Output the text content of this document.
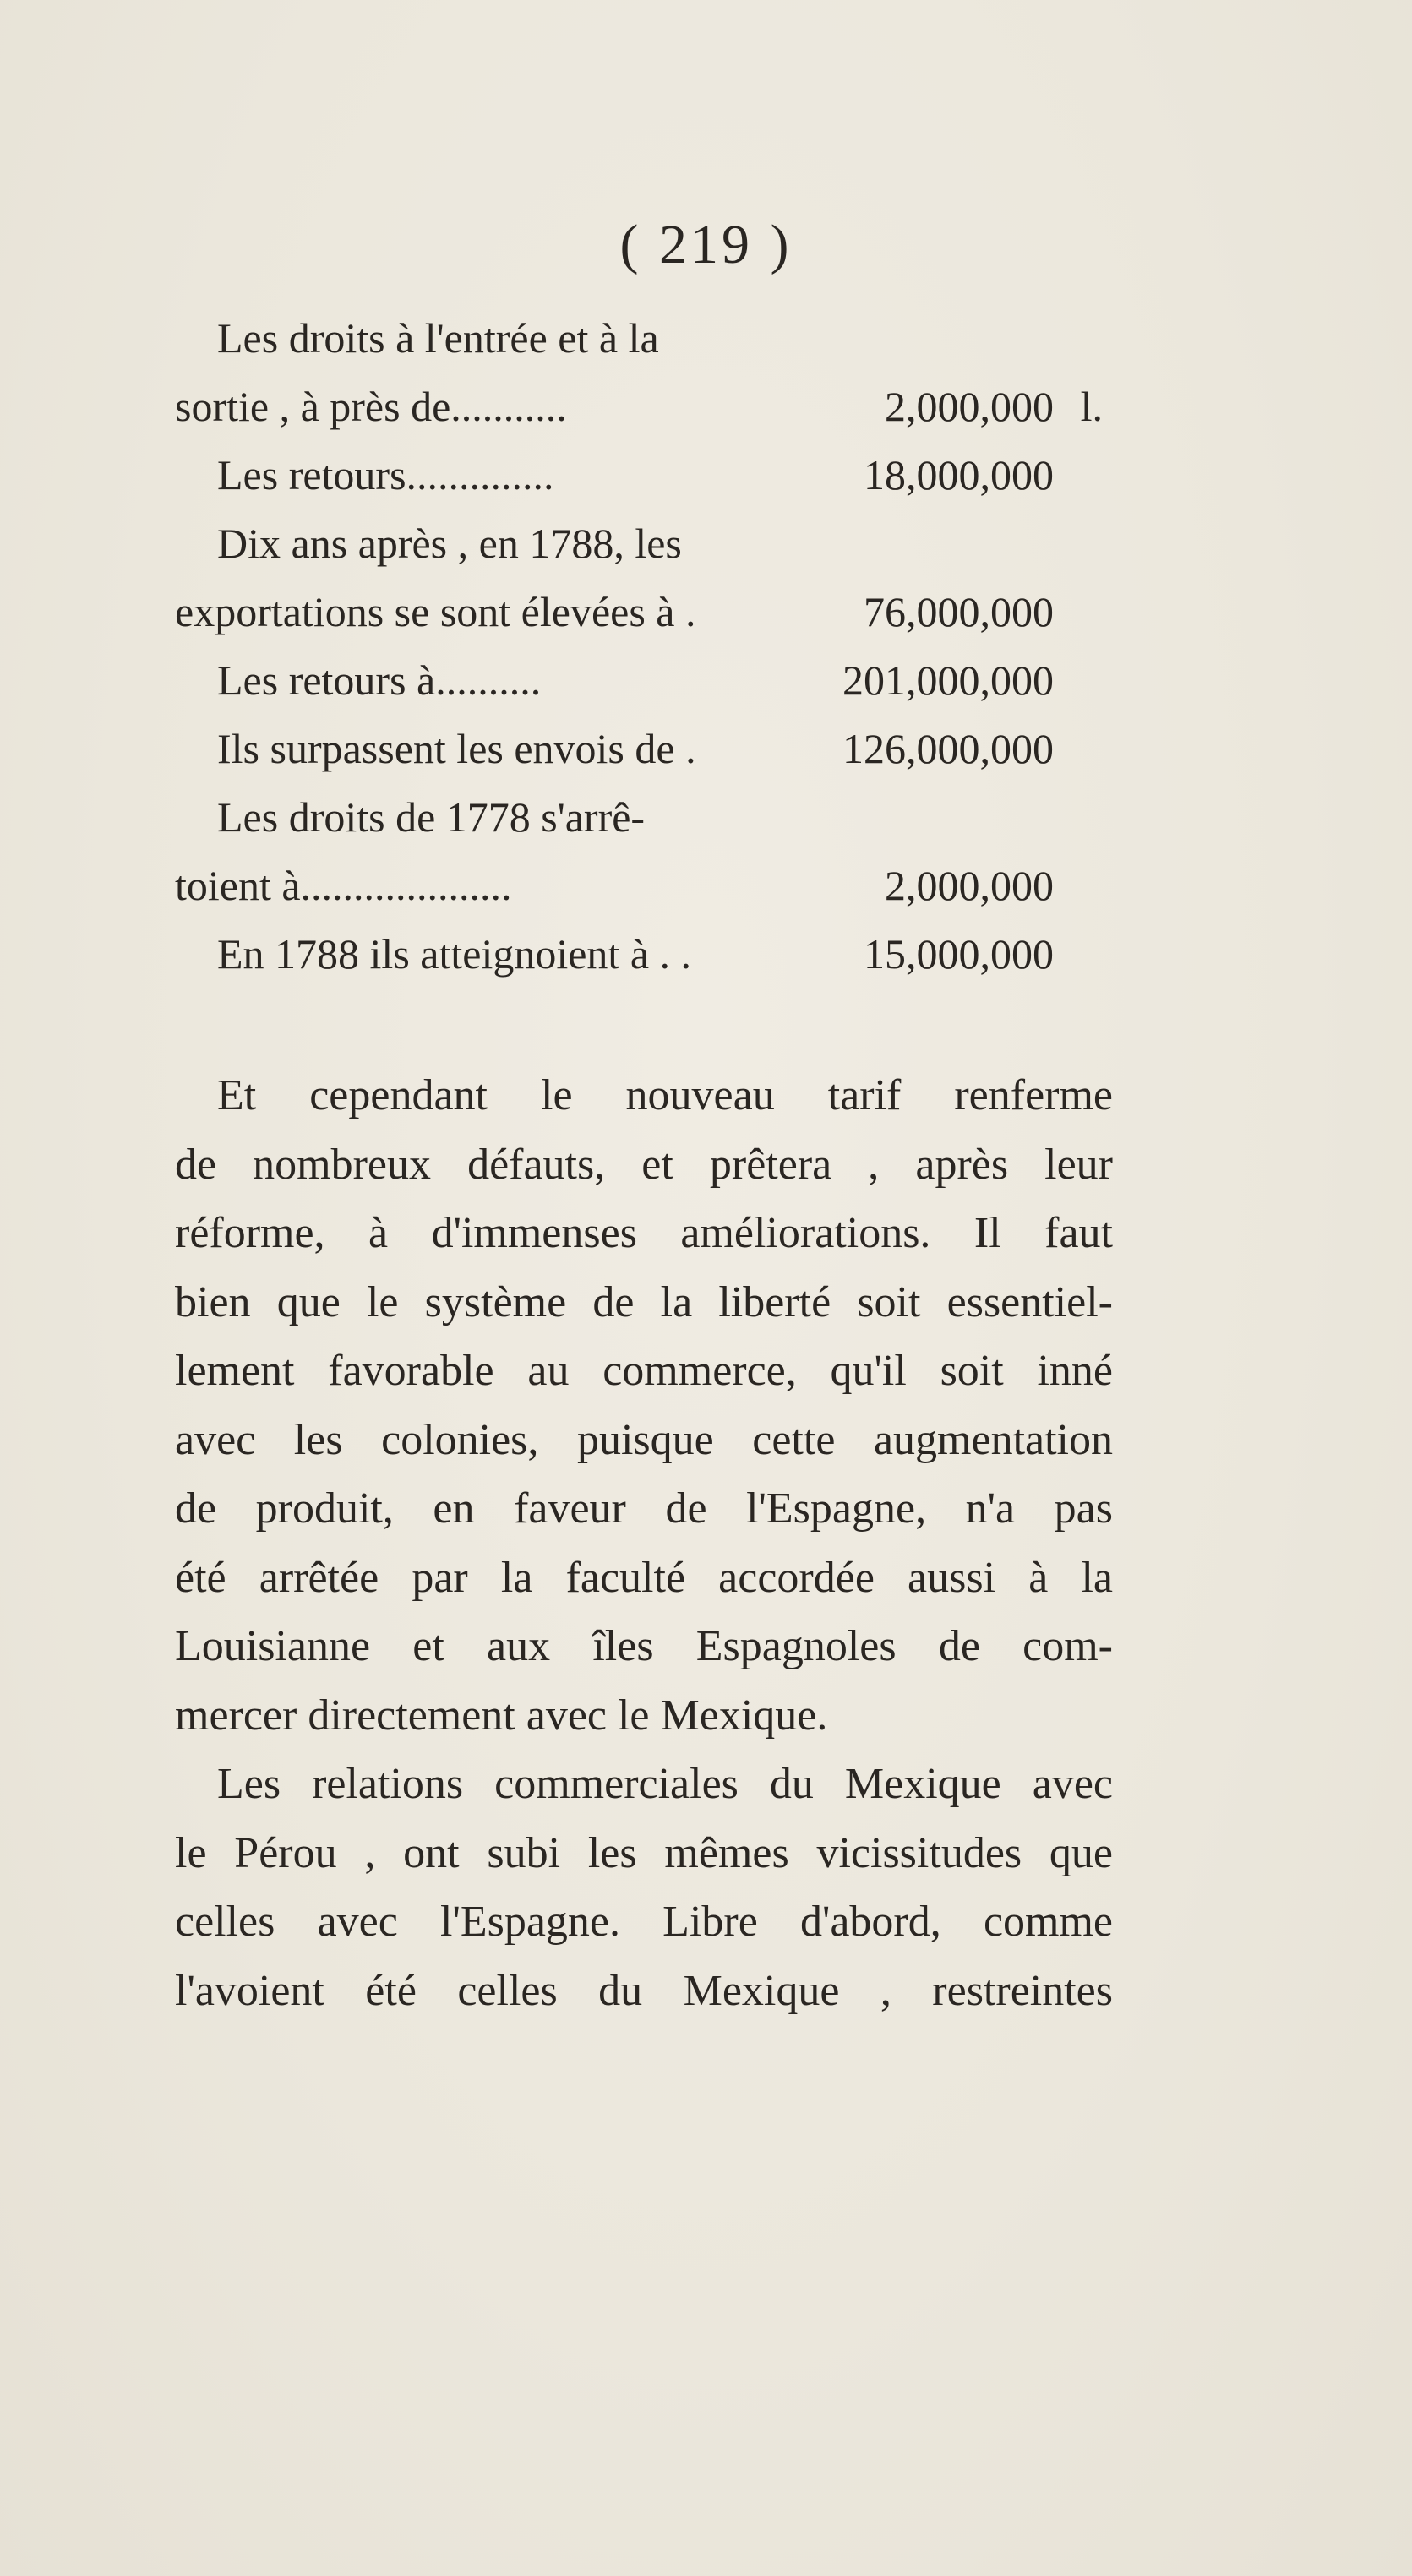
( 219 )
Les droits à l'entrée et à la
sortie , à près de...........	2,000,000 l.
Les retours..............	18,000,000
Dix ans après , en 1788, les
exportations se sont élevées à .	76,000,000
Les retours à..........	201,000,000
Ils surpassent les envois de .	126,000,000
Les droits de 1778 s'arrê-
toient à....................	2,000,000
En 1788 ils atteignoient à . .	15,000,000

Et cependant le nouveau tarif renferme
de nombreux défauts, et prêtera , après leur
réforme, à d'immenses améliorations. Il faut
bien que le système de la liberté soit essentiel-
lement favorable au commerce, qu'il soit inné
avec les colonies, puisque cette augmentation
de produit, en faveur de l'Espagne, n'a pas
été arrêtée par la faculté accordée aussi à la
Louisianne et aux îles Espagnoles de com-
mercer directement avec le Mexique.

Les relations commerciales du Mexique avec
le Pérou , ont subi les mêmes vicissitudes que
celles avec l'Espagne. Libre d'abord, comme
l'avoient été celles du Mexique , restreintes
